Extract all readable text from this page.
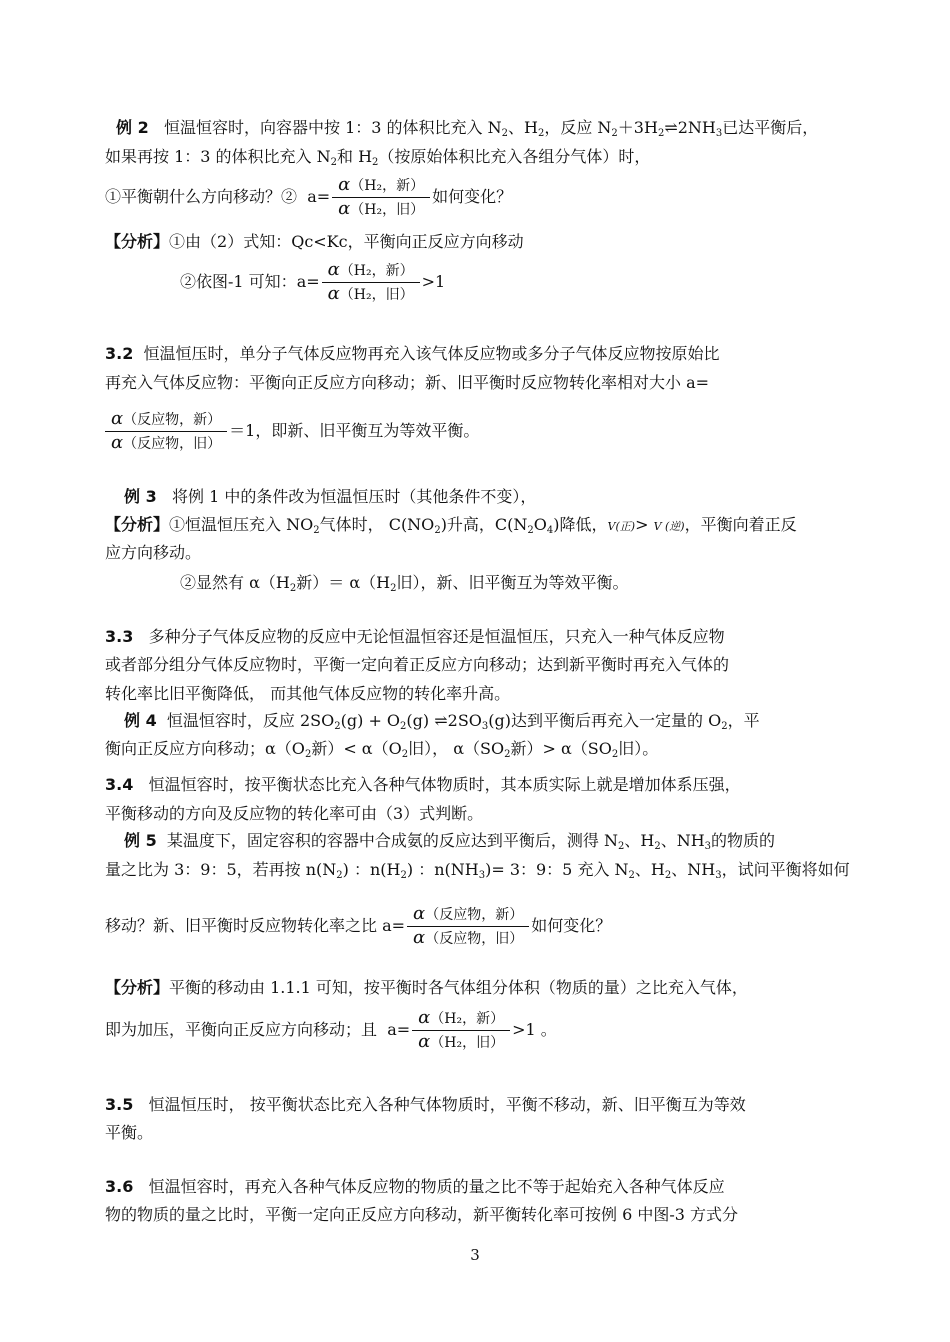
例 2 恒温恒容时，向容器中按 1：3 的体积比充入 $N_2$、$H_2$，反应 $N_2+3H_2\rightleftharpoons 2NH_3$已达平衡后，
如果再按 1：3 的体积比充入 $N_2$和 $H_2$（按原始体积比充入各组分气体）时，
①平衡朝什么方向移动？② $a= \frac{\text{α（H₂，新）}}{\text{α（H₂，旧）}}$ 如何变化？
【分析】①由（2）式知：Qc<Kc，平衡向正反应方向移动
②依图-1 可知：$a= \frac{\text{α（H₂，新）}}{\text{α（H₂，旧）}} >1$
3.2 恒温恒压时，单分子气体反应物再充入该气体反应物或多分子气体反应物按原始比
再充入气体反应物：平衡向正反应方向移动；新、旧平衡时反应物转化率相对大小 a=
$\frac{\text{α（反应物，新）}}{\text{α（反应物，旧）}} =1$，即新、旧平衡互为等效平衡。
例 3 将例 1 中的条件改为恒温恒压时（其他条件不变），
【分析】①恒温恒压充入 $NO_2$气体时， $C(NO_2)$升高，$C(N_2O_4)$降低，V(正)> V (逆)，平衡向着正反
应方向移动。
②显然有 $\alpha(H_2$新）＝ $\alpha(H_2$旧），新、旧平衡互为等效平衡。
3.3 多种分子气体反应物的反应中无论恒温恒容还是恒温恒压，只充入一种气体反应物
或者部分组分气体反应物时，平衡一定向着正反应方向移动；达到新平衡时再充入气体的
转化率比旧平衡降低， 而其他气体反应物的转化率升高。
例 4 恒温恒容时，反应 $2SO_2(g) + O_2(g)$ $\rightleftharpoons 2SO_3(g)$达到平衡后再充入一定量的 $O_2$，平
衡向正反应方向移动；$\alpha(O_2$新）< $\alpha(O_2$旧）， $\alpha(SO_2$新）> $\alpha(SO_2$旧）。
3.4 恒温恒容时，按平衡状态比充入各种气体物质时，其本质实际上就是增加体系压强，
平衡移动的方向及反应物的转化率可由（3）式判断。
例 5 某温度下，固定容积的容器中合成氨的反应达到平衡后，测得 $N_2$、$H_2$、$NH_3$的物质的
量之比为 3：9：5，若再按 $n(N_2)$ ：$n(H_2)$ ：$n(NH_3)= 3$：9：5 充入 $N_2$、$H_2$、$NH_3$，试问平衡将如何
移动？新、旧平衡时反应物转化率之比 $a= \frac{\text{α（反应物，新）}}{\text{α（反应物，旧）}}$ 如何变化？
【分析】平衡的移动由 1.1.1 可知，按平衡时各气体组分体积（物质的量）之比充入气体，
即为加压，平衡向正反应方向移动；且 $a= \frac{\text{α（H₂，新）}}{\text{α（H₂，旧）}} >1$ 。
3.5 恒温恒压时， 按平衡状态比充入各种气体物质时，平衡不移动，新、旧平衡互为等效
平衡。
3.6 恒温恒容时，再充入各种气体反应物的物质的量之比不等于起始充入各种气体反应
物的物质的量之比时，平衡一定向正反应方向移动，新平衡转化率可按例 6 中图-3 方式分
3
